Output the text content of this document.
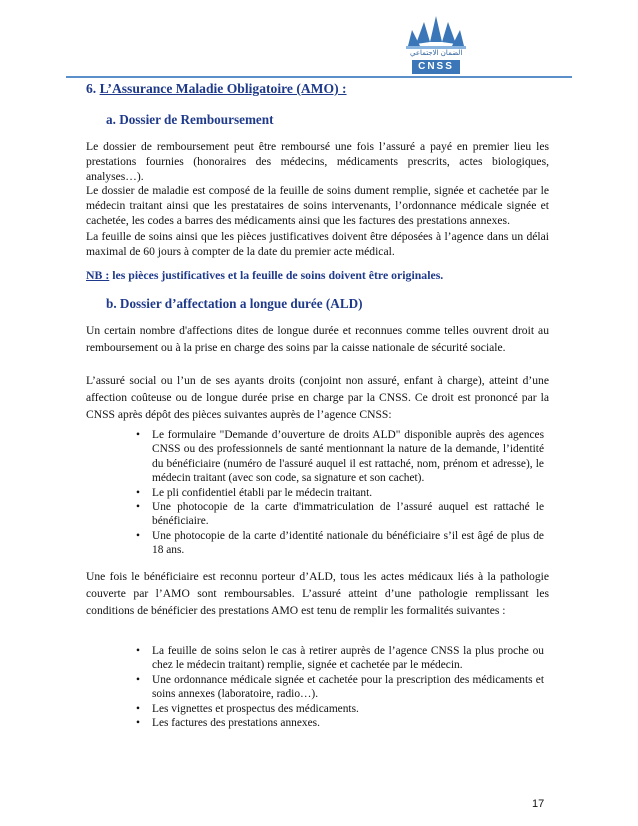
الضمان الاجتماعي
CNSS
6. L’Assurance Maladie Obligatoire (AMO) :
a. Dossier de Remboursement
Le dossier de remboursement peut être remboursé une fois l’assuré a payé en premier lieu les prestations fournies (honoraires des médecins, médicaments prescrits, actes biologiques, analyses…).
Le dossier de maladie est composé de la feuille de soins dument remplie, signée et cachetée par le médecin traitant ainsi que les prestataires de soins intervenants, l’ordonnance médicale signée et cachetée, les codes a barres des médicaments ainsi que les factures des prestations annexes.
La feuille de soins ainsi que les pièces justificatives doivent être déposées à l’agence dans un délai maximal de 60 jours à compter de la date du premier acte médical.
NB : les pièces justificatives et la feuille de soins doivent être originales.
b. Dossier d’affectation a longue durée (ALD)
Un certain nombre d'affections dites de longue durée et reconnues comme telles ouvrent droit au remboursement ou à la prise en charge des soins par la caisse nationale de sécurité sociale.
L’assuré social ou l’un de ses ayants droits (conjoint non assuré, enfant à charge), atteint d’une affection coûteuse ou de longue durée prise en charge par la CNSS. Ce droit est prononcé par la CNSS après dépôt des pièces suivantes auprès de l’agence CNSS:
• Le formulaire "Demande d’ouverture de droits ALD" disponible auprès des agences CNSS ou des professionnels de santé mentionnant la nature de la demande, l’identité du bénéficiaire (numéro de l'assuré auquel il est rattaché, nom, prénom et adresse), le médecin traitant (avec son code, sa signature et son cachet).
• Le pli confidentiel établi par le médecin traitant.
• Une photocopie de la carte d'immatriculation de l’assuré auquel est rattaché le bénéficiaire.
• Une photocopie de la carte d’identité nationale du bénéficiaire s’il est âgé de plus de 18 ans.
Une fois le bénéficiaire est reconnu porteur d’ALD, tous les actes médicaux liés à la pathologie couverte par l’AMO sont remboursables. L’assuré atteint d’une pathologie remplissant les conditions de bénéficier des prestations AMO est tenu de remplir les formalités suivantes :
• La feuille de soins selon le cas à retirer auprès de l’agence CNSS la plus proche ou chez le médecin traitant) remplie, signée et cachetée par le médecin.
• Une ordonnance médicale signée et cachetée pour la prescription des médicaments et soins annexes (laboratoire, radio…).
• Les vignettes et prospectus des médicaments.
• Les factures des prestations annexes.
17
